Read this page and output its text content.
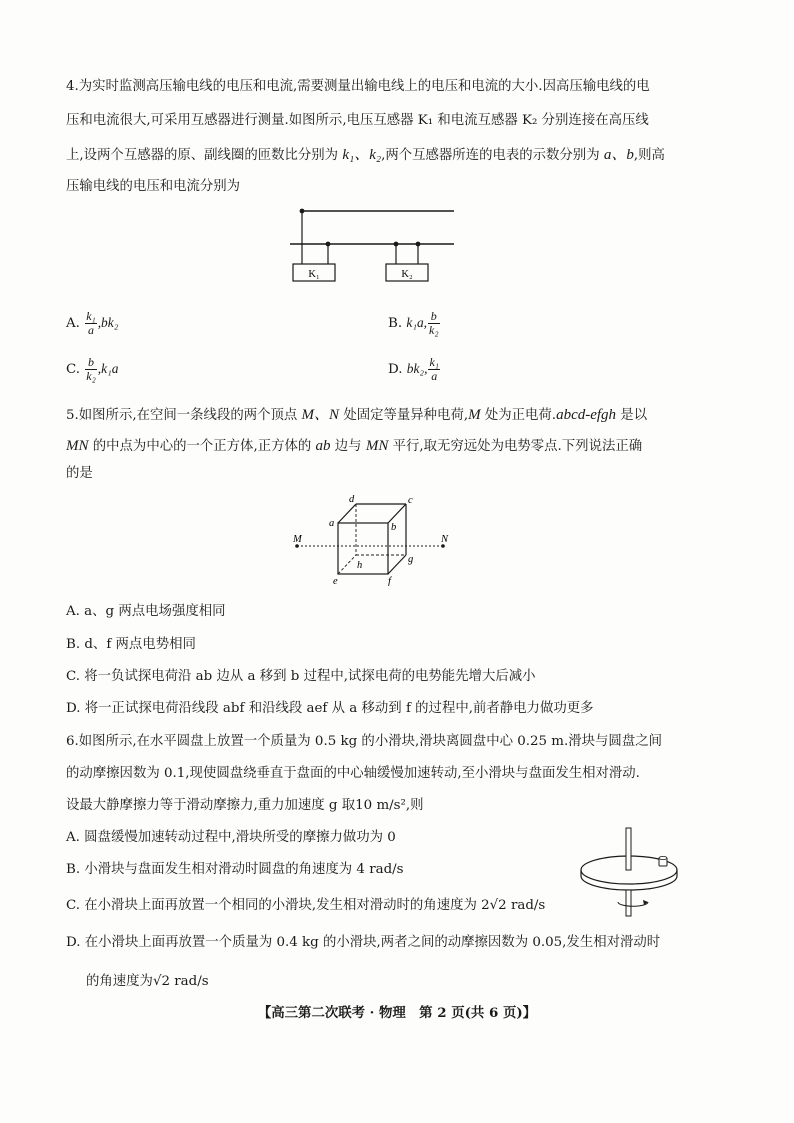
4.为实时监测高压输电线的电压和电流,需要测量出输电线上的电压和电流的大小.因高压输电线的电
压和电流很大,可采用互感器进行测量.如图所示,电压互感器 K₁ 和电流互感器 K₂ 分别连接在高压线
上,设两个互感器的原、副线圈的匝数比分别为 k₁、k₂,两个互感器所连的电表的示数分别为 a、b,则高
压输电线的电压和电流分别为
K₁	K₂
A. $\frac{\text{k₁}}{a} ,bk_2$	B. k₁a, $\frac{b}{\text{k₂}}$
C. $\frac{b}{\text{k₂}} ,k_1a$	D. bk₂, $\frac{\text{k₁}}{a}$
5.如图所示,在空间一条线段的两个顶点 M、N 处固定等量异种电荷,M 处为正电荷.abcd-efgh 是以
MN 的中点为中心的一个正方体,正方体的 ab 边与 MN 平行,取无穷远处为电势零点.下列说法正确
的是
M	N
a	b
c
d
e	f
g
h
A. a、g 两点电场强度相同
B. d、f 两点电势相同
C. 将一负试探电荷沿 ab 边从 a 移到 b 过程中,试探电荷的电势能先增大后减小
D. 将一正试探电荷沿线段 abf 和沿线段 aef 从 a 移动到 f 的过程中,前者静电力做功更多
6.如图所示,在水平圆盘上放置一个质量为 0.5 kg 的小滑块,滑块离圆盘中心 0.25 m.滑块与圆盘之间
的动摩擦因数为 0.1,现使圆盘绕垂直于盘面的中心轴缓慢加速转动,至小滑块与盘面发生相对滑动.
设最大静摩擦力等于滑动摩擦力,重力加速度 g 取10 m/s²,则
A. 圆盘缓慢加速转动过程中,滑块所受的摩擦力做功为 0
B. 小滑块与盘面发生相对滑动时圆盘的角速度为 4 rad/s
C. 在小滑块上面再放置一个相同的小滑块,发生相对滑动时的角速度为 2√2 rad/s
D. 在小滑块上面再放置一个质量为 0.4 kg 的小滑块,两者之间的动摩擦因数为 0.05,发生相对滑动时
的角速度为√2 rad/s
【高三第二次联考 · 物理　第 2 页(共 6 页)】
